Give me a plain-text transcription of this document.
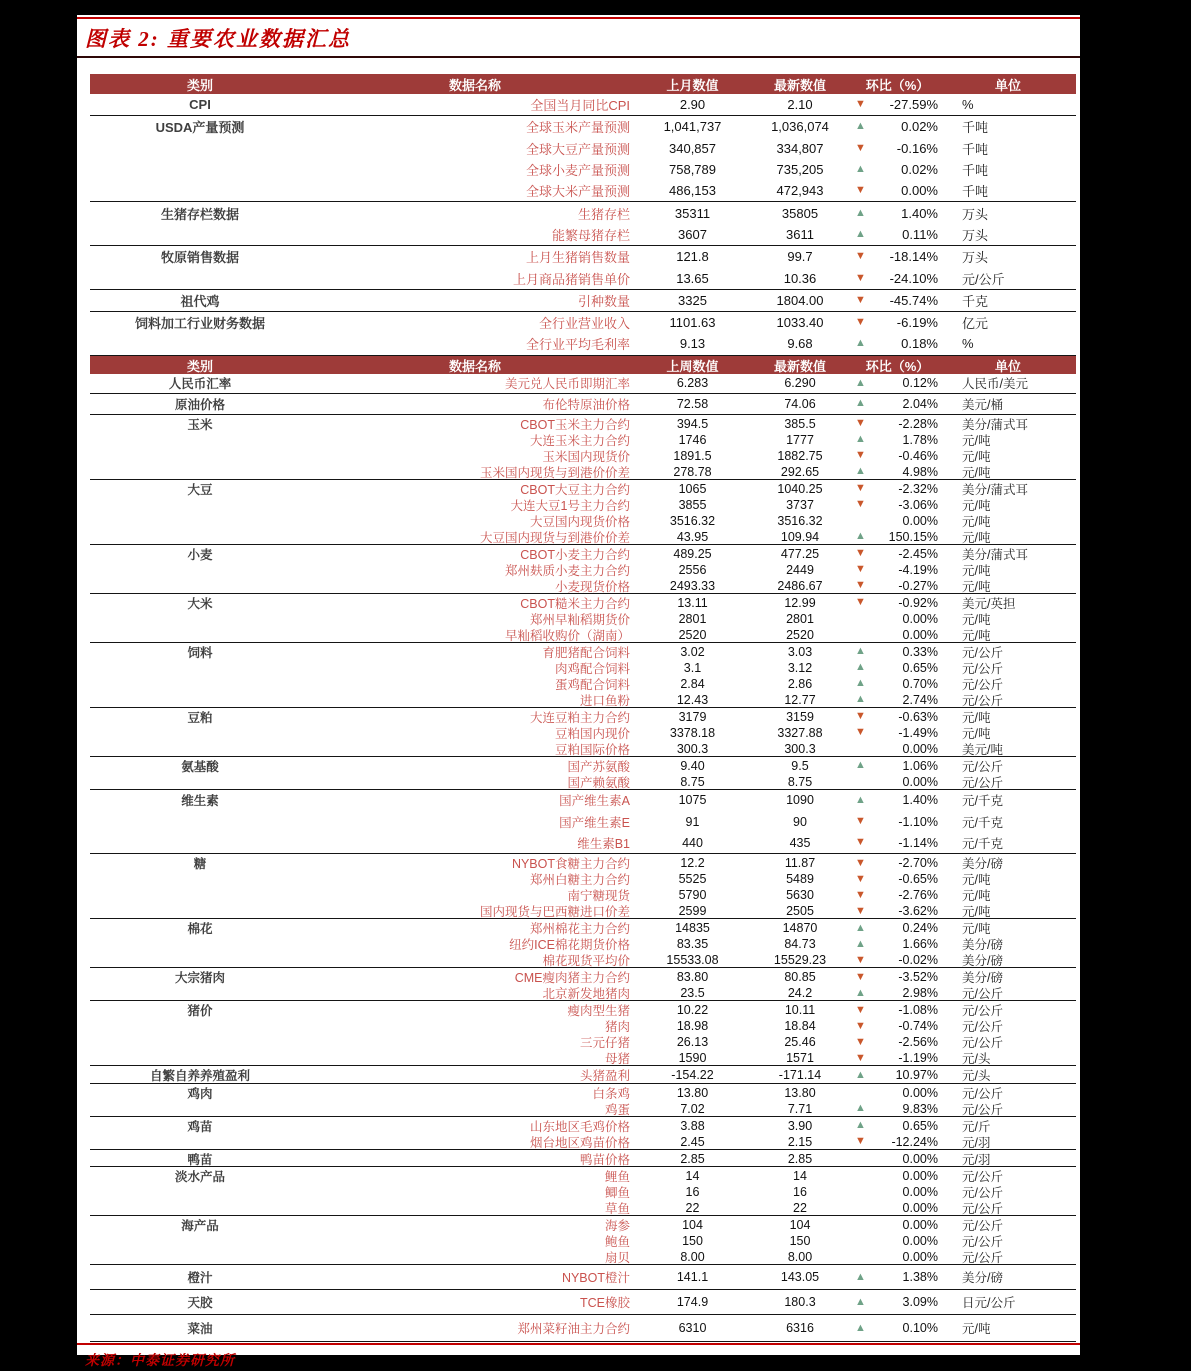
图表 2: 重要农业数据汇总
类别	数据名称	上月数值	最新数值	环比（%）	单位
CPI	全国当月同比CPI	2.90	2.10	▼	-27.59%	%
USDA产量预测	全球玉米产量预测	1,041,737	1,036,074	▲	0.02%	千吨
全球大豆产量预测	340,857	334,807	▼	-0.16%	千吨
全球小麦产量预测	758,789	735,205	▲	0.02%	千吨
全球大米产量预测	486,153	472,943	▼	0.00%	千吨
生猪存栏数据	生猪存栏	35311	35805	▲	1.40%	万头
能繁母猪存栏	3607	3611	▲	0.11%	万头
牧原销售数据	上月生猪销售数量	121.8	99.7	▼	-18.14%	万头
上月商品猪销售单价	13.65	10.36	▼	-24.10%	元/公斤
祖代鸡	引种数量	3325	1804.00	▼	-45.74%	千克
饲料加工行业财务数据	全行业营业收入	1101.63	1033.40	▼	-6.19%	亿元
全行业平均毛利率	9.13	9.68	▲	0.18%	%
类别	数据名称	上周数值	最新数值	环比（%）	单位
人民币汇率	美元兑人民币即期汇率	6.283	6.290	▲	0.12%	人民币/美元
原油价格	布伦特原油价格	72.58	74.06	▲	2.04%	美元/桶
玉米	CBOT玉米主力合约	394.5	385.5	▼	-2.28%	美分/蒲式耳
大连玉米主力合约	1746	1777	▲	1.78%	元/吨
玉米国内现货价	1891.5	1882.75	▼	-0.46%	元/吨
玉米国内现货与到港价价差	278.78	292.65	▲	4.98%	元/吨
大豆	CBOT大豆主力合约	1065	1040.25	▼	-2.32%	美分/蒲式耳
大连大豆1号主力合约	3855	3737	▼	-3.06%	元/吨
大豆国内现货价格	3516.32	3516.32	0.00%	元/吨
大豆国内现货与到港价价差	43.95	109.94	▲	150.15%	元/吨
小麦	CBOT小麦主力合约	489.25	477.25	▼	-2.45%	美分/蒲式耳
郑州麸质小麦主力合约	2556	2449	▼	-4.19%	元/吨
小麦现货价格	2493.33	2486.67	▼	-0.27%	元/吨
大米	CBOT糙米主力合约	13.11	12.99	▼	-0.92%	美元/英担
郑州早籼稻期货价	2801	2801	0.00%	元/吨
早籼稻收购价（湖南）	2520	2520	0.00%	元/吨
饲料	育肥猪配合饲料	3.02	3.03	▲	0.33%	元/公斤
肉鸡配合饲料	3.1	3.12	▲	0.65%	元/公斤
蛋鸡配合饲料	2.84	2.86	▲	0.70%	元/公斤
进口鱼粉	12.43	12.77	▲	2.74%	元/公斤
豆粕	大连豆粕主力合约	3179	3159	▼	-0.63%	元/吨
豆粕国内现价	3378.18	3327.88	▼	-1.49%	元/吨
豆粕国际价格	300.3	300.3	0.00%	美元/吨
氨基酸	国产苏氨酸	9.40	9.5	▲	1.06%	元/公斤
国产赖氨酸	8.75	8.75	0.00%	元/公斤
维生素	国产维生素A	1075	1090	▲	1.40%	元/千克
国产维生素E	91	90	▼	-1.10%	元/千克
维生素B1	440	435	▼	-1.14%	元/千克
糖	NYBOT食糖主力合约	12.2	11.87	▼	-2.70%	美分/磅
郑州白糖主力合约	5525	5489	▼	-0.65%	元/吨
南宁糖现货	5790	5630	▼	-2.76%	元/吨
国内现货与巴西糖进口价差	2599	2505	▼	-3.62%	元/吨
棉花	郑州棉花主力合约	14835	14870	▲	0.24%	元/吨
纽约ICE棉花期货价格	83.35	84.73	▲	1.66%	美分/磅
棉花现货平均价	15533.08	15529.23	▼	-0.02%	美分/磅
大宗猪肉	CME瘦肉猪主力合约	83.80	80.85	▼	-3.52%	美分/磅
北京新发地猪肉	23.5	24.2	▲	2.98%	元/公斤
猪价	瘦肉型生猪	10.22	10.11	▼	-1.08%	元/公斤
猪肉	18.98	18.84	▼	-0.74%	元/公斤
三元仔猪	26.13	25.46	▼	-2.56%	元/公斤
母猪	1590	1571	▼	-1.19%	元/头
自繁自养养殖盈利	头猪盈利	-154.22	-171.14	▲	10.97%	元/头
鸡肉	白条鸡	13.80	13.80	0.00%	元/公斤
鸡蛋	7.02	7.71	▲	9.83%	元/公斤
鸡苗	山东地区毛鸡价格	3.88	3.90	▲	0.65%	元/斤
烟台地区鸡苗价格	2.45	2.15	▼	-12.24%	元/羽
鸭苗	鸭苗价格	2.85	2.85	0.00%	元/羽
淡水产品	鲤鱼	14	14	0.00%	元/公斤
鲫鱼	16	16	0.00%	元/公斤
草鱼	22	22	0.00%	元/公斤
海产品	海参	104	104	0.00%	元/公斤
鲍鱼	150	150	0.00%	元/公斤
扇贝	8.00	8.00	0.00%	元/公斤
橙汁	NYBOT橙汁	141.1	143.05	▲	1.38%	美分/磅
天胶	TCE橡胶	174.9	180.3	▲	3.09%	日元/公斤
菜油	郑州菜籽油主力合约	6310	6316	▲	0.10%	元/吨
来源：中泰证券研究所
